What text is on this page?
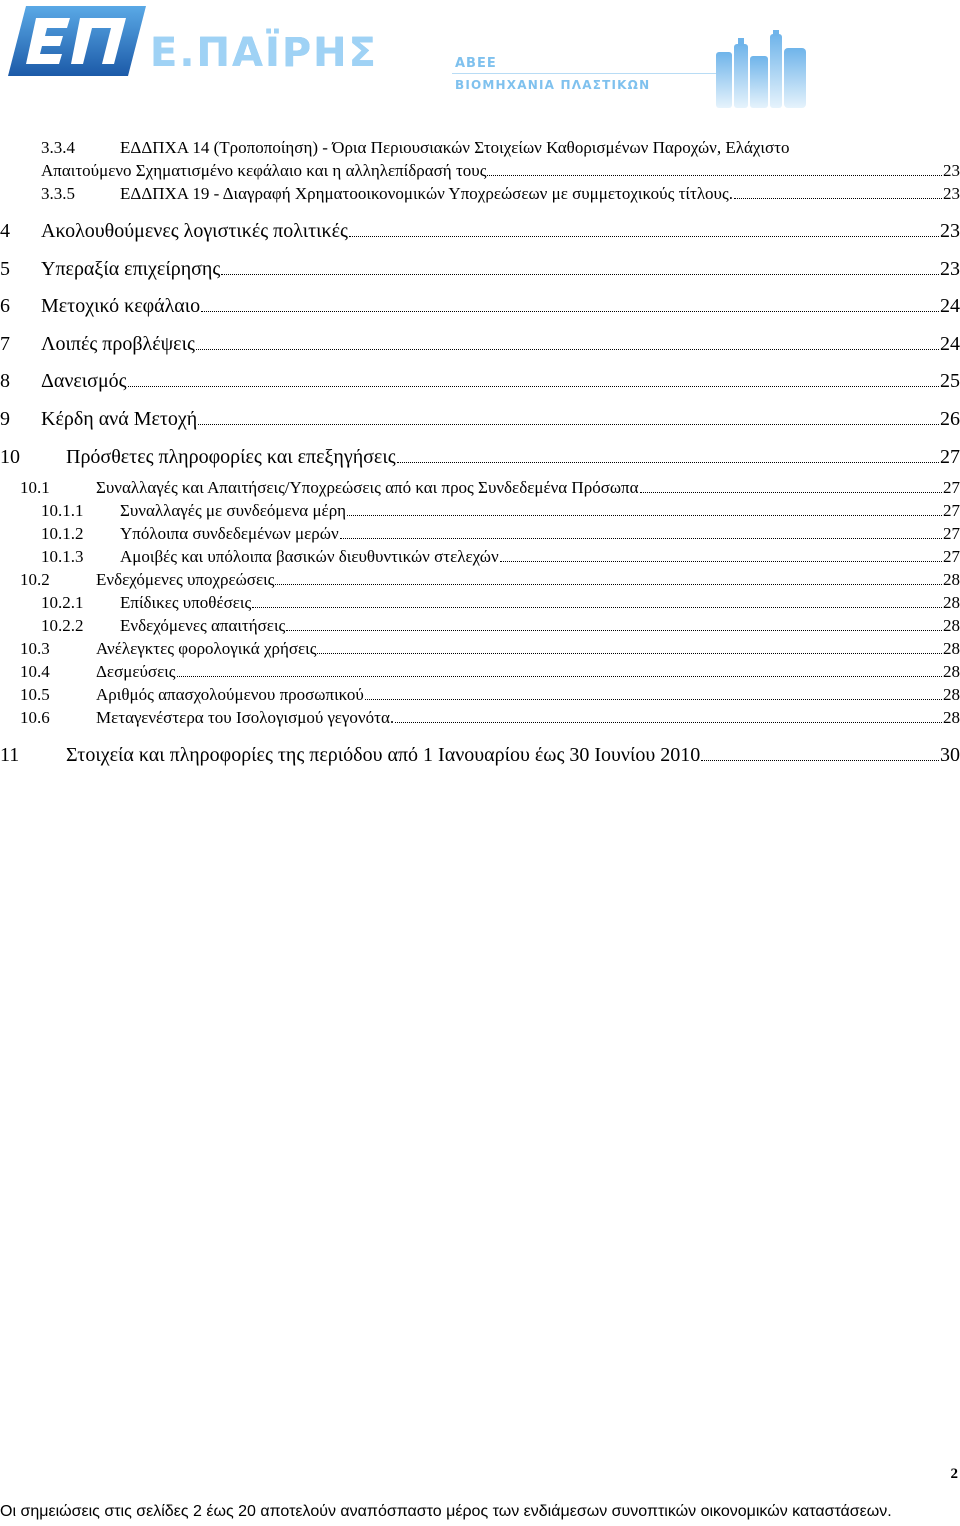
Ε.ΠΑΪΡΗΣ	ΑΒΕΕ
ΒΙΟΜΗΧΑΝΙΑ ΠΛΑΣΤΙΚΩΝ
3.3.4	ΕΔΔΠΧΑ 14 (Τροποποίηση) - Όρια Περιουσιακών Στοιχείων Καθορισμένων Παροχών, Ελάχιστο
Απαιτούμενο Σχηματισμένο κεφάλαιο και η αλληλεπίδρασή τους	23
3.3.5	ΕΔΔΠΧΑ 19 - Διαγραφή Χρηματοοικονομικών Υποχρεώσεων με συμμετοχικούς τίτλους.	23
4	Ακολουθούμενες λογιστικές πολιτικές	23
5	Υπεραξία επιχείρησης	23
6	Μετοχικό κεφάλαιο	24
7	Λοιπές προβλέψεις	24
8	Δανεισμός	25
9	Κέρδη ανά Μετοχή	26
10	Πρόσθετες πληροφορίες και επεξηγήσεις	27
10.1	Συναλλαγές και Απαιτήσεις/Υποχρεώσεις από και προς Συνδεδεμένα Πρόσωπα	27
10.1.1	Συναλλαγές με συνδεόμενα μέρη	27
10.1.2	Υπόλοιπα συνδεδεμένων μερών	27
10.1.3	Αμοιβές και υπόλοιπα βασικών διευθυντικών στελεχών	27
10.2	Ενδεχόμενες υποχρεώσεις	28
10.2.1	Επίδικες υποθέσεις	28
10.2.2	Ενδεχόμενες απαιτήσεις	28
10.3	Ανέλεγκτες φορολογικά χρήσεις	28
10.4	Δεσμεύσεις	28
10.5	Αριθμός απασχολούμενου προσωπικού	28
10.6	Μεταγενέστερα του Ισολογισμού γεγονότα.	28
11	Στοιχεία και πληροφορίες της περιόδου από 1 Ιανουαρίου έως 30 Ιουνίου 2010	30
2
Οι σημειώσεις στις σελίδες 2 έως 20 αποτελούν αναπόσπαστο μέρος των ενδιάμεσων συνοπτικών οικονομικών καταστάσεων.
